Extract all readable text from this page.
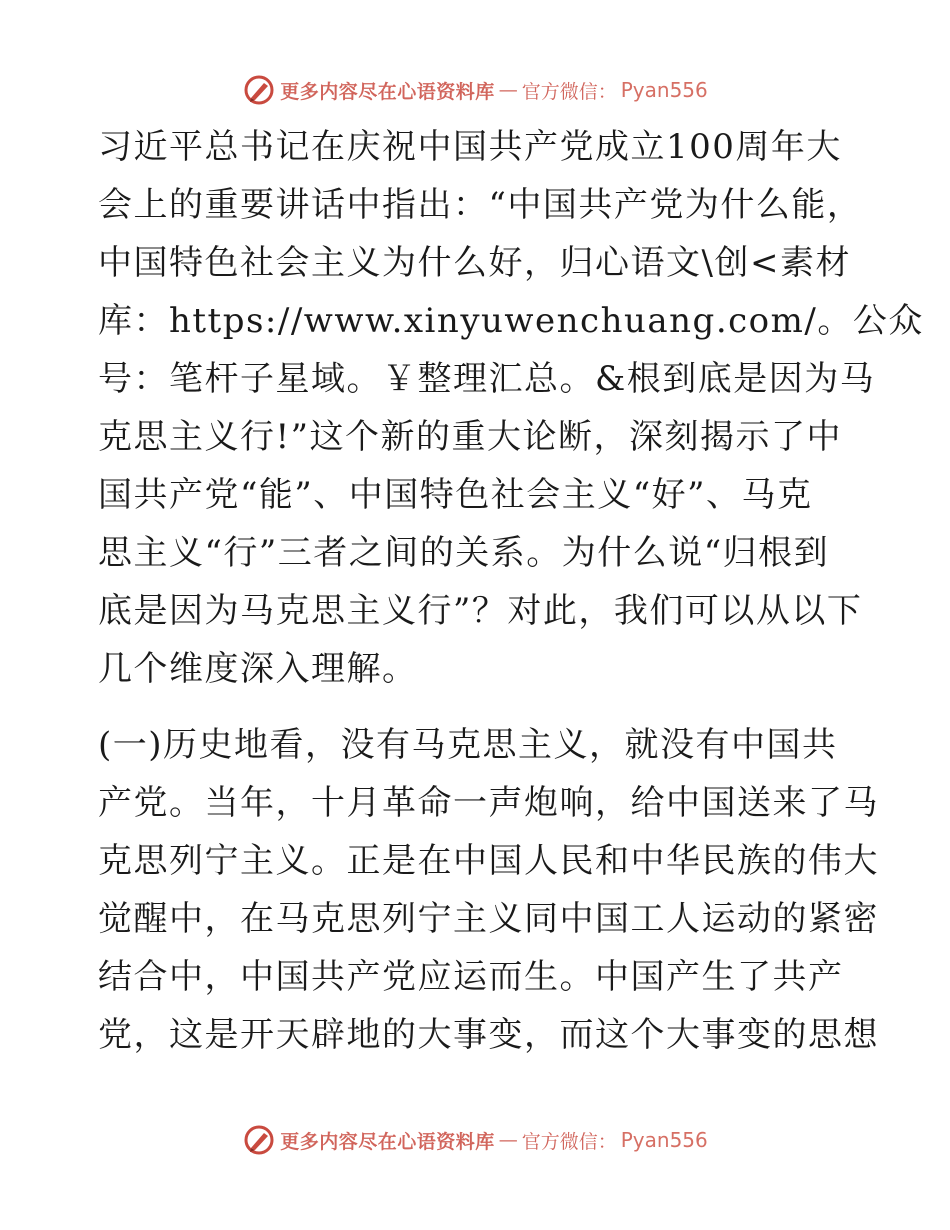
更多内容尽在心语资料库 — 官方微信： Pyan556

习近平总书记在庆祝中国共产党成立100周年大
会上的重要讲话中指出：“中国共产党为什么能，
中国特色社会主义为什么好，归心语文\创<素材
库：https://www.xinyuwenchuang.com/。公众
号：笔杆子星域。￥整理汇总。&根到底是因为马
克思主义行!”这个新的重大论断，深刻揭示了中
国共产党“能”、中国特色社会主义“好”、马克
思主义“行”三者之间的关系。为什么说“归根到
底是因为马克思主义行”？对此，我们可以从以下
几个维度深入理解。

(一)历史地看，没有马克思主义，就没有中国共
产党。当年，十月革命一声炮响，给中国送来了马
克思列宁主义。正是在中国人民和中华民族的伟大
觉醒中，在马克思列宁主义同中国工人运动的紧密
结合中，中国共产党应运而生。中国产生了共产
党，这是开天辟地的大事变，而这个大事变的思想

更多内容尽在心语资料库 — 官方微信： Pyan556
